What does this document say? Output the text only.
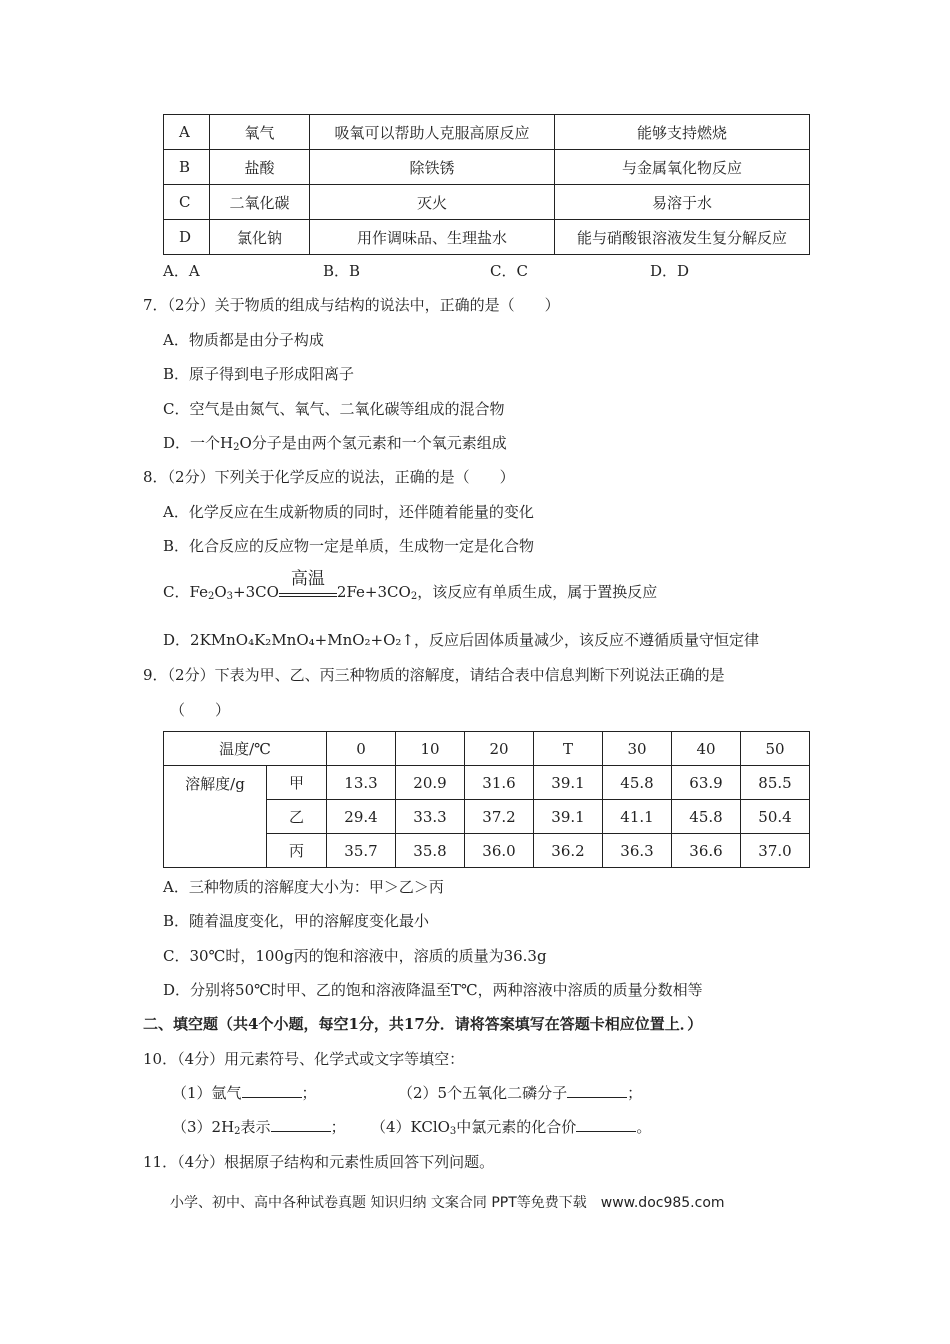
A	氧气	吸氧可以帮助人克服高原反应	能够支持燃烧
B	盐酸	除铁锈	与金属氧化物反应
C	二氧化碳	灭火	易溶于水
D	氯化钠	用作调味品、生理盐水	能与硝酸银溶液发生复分解反应
A．A	B．B	C．C	D．D
7．（2分）关于物质的组成与结构的说法中，正确的是（　　）
A．物质都是由分子构成
B．原子得到电子形成阳离子
C．空气是由氮气、氧气、二氧化碳等组成的混合物
D．一个$H_2O$分子是由两个氢元素和一个氧元素组成
8．（2分）下列关于化学反应的说法，正确的是（　　）
A．化学反应在生成新物质的同时，还伴随着能量的变化
B．化合反应的反应物一定是单质，生成物一定是化合物
C．$Fe_2O_3+3CO$
高温
$2Fe+3CO_2$，该反应有单质生成，属于置换反应
D．2KMnO₄K₂MnO₄+MnO₂+O₂↑，反应后固体质量减少，该反应不遵循质量守恒定律
9．（2分）下表为甲、乙、丙三种物质的溶解度，请结合表中信息判断下列说法正确的是
（　　）
温度/℃		0	10	20	T	30	40	50
溶解度/g	甲	13.3	20.9	31.6	39.1	45.8	63.9	85.5
	乙	29.4	33.3	37.2	39.1	41.1	45.8	50.4
	丙	35.7	35.8	36.0	36.2	36.3	36.6	37.0
A．三种物质的溶解度大小为：甲＞乙＞丙
B．随着温度变化，甲的溶解度变化最小
C．30℃时，100g丙的饱和溶液中，溶质的质量为36.3g
D．分别将50℃时甲、乙的饱和溶液降温至T℃，两种溶液中溶质的质量分数相等
二、填空题（共4个小题，每空1分，共17分．请将答案填写在答题卡相应位置上．）
10．（4分）用元素符号、化学式或文字等填空：
（1）氩气	；	（2）5个五氧化二磷分子	；
$(3)2H_2$表示	； （4）KClO$_3$中氯元素的化合价	。
11．（4分）根据原子结构和元素性质回答下列问题。
小学、初中、高中各种试卷真题 知识归纳 文案合同 PPT等免费下载　www.doc985.com
